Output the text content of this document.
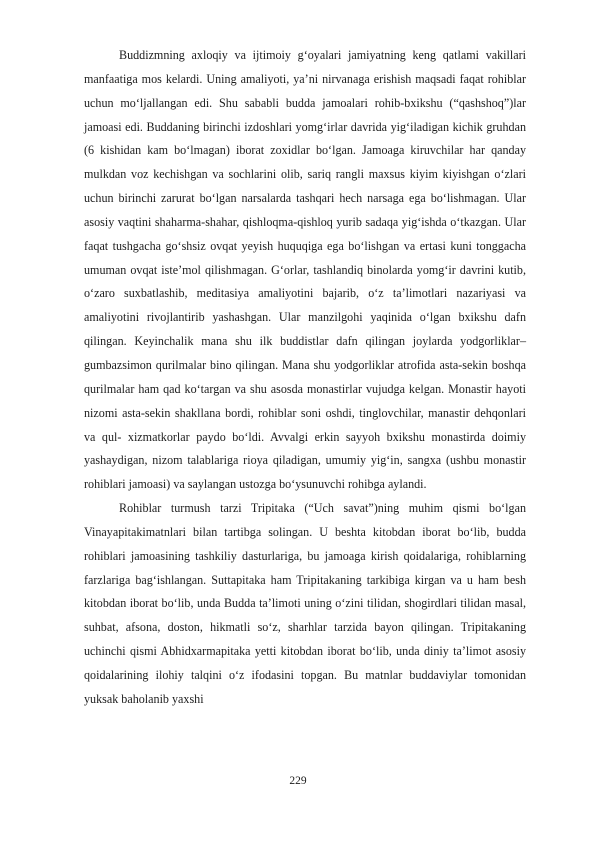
Buddizmning axloqiy va ijtimoiy g‘oyalari jamiyatning keng qatlami vakillari manfaatiga mos kelardi. Uning amaliyoti, ya’ni nirvanaga erishish maqsadi faqat rohiblar uchun mo‘ljallangan edi. Shu sababli budda jamoalari rohib-bxikshu (“qashshoq”)lar jamoasi edi. Buddaning birinchi izdoshlari yomg‘irlar davrida yig‘iladigan kichik gruhdan (6 kishidan kam bo‘lmagan) iborat zoxidlar bo‘lgan. Jamoaga kiruvchilar har qanday mulkdan voz kechishgan va sochlarini olib, sariq rangli maxsus kiyim kiyishgan o‘zlari uchun birinchi zarurat bo‘lgan narsalarda tashqari hech narsaga ega bo‘lishmagan. Ular asosiy vaqtini shaharma-shahar, qishloqma-qishloq yurib sadaqa yig‘ishda o‘tkazgan. Ular faqat tushgacha go‘shsiz ovqat yeyish huquqiga ega bo‘lishgan va ertasi kuni tonggacha umuman ovqat iste’mol qilishmagan. G‘orlar, tashlandiq binolarda yomg‘ir davrini kutib, o‘zaro suxbatlashib, meditasiya amaliyotini bajarib, o‘z ta’limotlari nazariyasi va amaliyotini rivojlantirib yashashgan. Ular manzilgohi yaqinida o‘lgan bxikshu dafn qilingan. Keyinchalik mana shu ilk buddistlar dafn qilingan joylarda yodgorliklar–gumbazsimon qurilmalar bino qilingan. Mana shu yodgorliklar atrofida asta-sekin boshqa qurilmalar ham qad ko‘targan va shu asosda monastirlar vujudga kelgan. Monastir hayoti nizomi asta-sekin shakllana bordi, rohiblar soni oshdi, tinglovchilar, manastir dehqonlari va qul- xizmatkorlar paydo bo‘ldi. Avvalgi erkin sayyoh bxikshu monastirda doimiy yashaydigan, nizom talablariga rioya qiladigan, umumiy yig‘in, sangxa (ushbu monastir rohiblari jamoasi) va saylangan ustozga bo‘ysunuvchi rohibga aylandi.

Rohiblar turmush tarzi Tripitaka (“Uch savat”)ning muhim qismi bo‘lgan Vinayapitakimatnlari bilan tartibga solingan. U beshta kitobdan iborat bo‘lib, budda rohiblari jamoasining tashkiliy dasturlariga, bu jamoaga kirish qoidalariga, rohiblarning farzlariga bag‘ishlangan. Suttapitaka ham Tripitakaning tarkibiga kirgan va u ham besh kitobdan iborat bo‘lib, unda Budda ta’limoti uning o‘zini tilidan, shogirdlari tilidan masal, suhbat, afsona, doston, hikmatli so‘z, sharhlar tarzida bayon qilingan. Tripitakaning uchinchi qismi Abhidxarmapitaka yetti kitobdan iborat bo‘lib, unda diniy ta’limot asosiy qoidalarining ilohiy talqini o‘z ifodasini topgan. Bu matnlar buddaviylar tomonidan yuksak baholanib yaxshi

229
